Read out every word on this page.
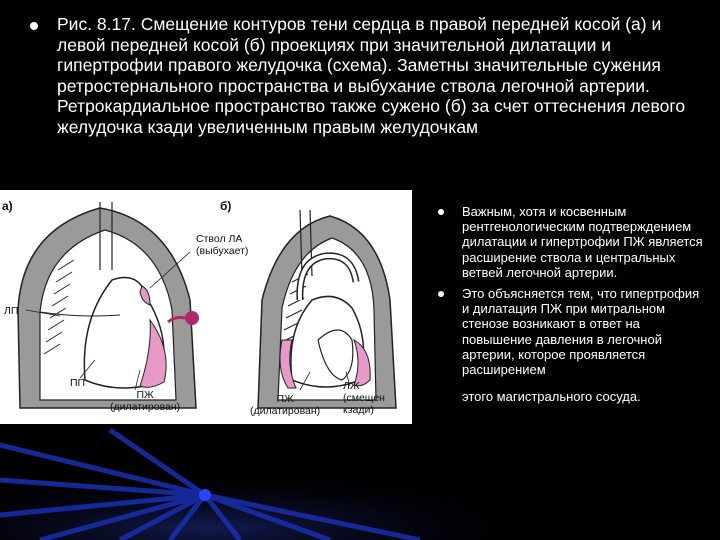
Рис. 8.17. Смещение контуров тени сердца в правой передней косой (а) и левой передней косой (б) проекциях при значительной дилатации и гипертрофии правого желудочка (схема). Заметны значительные сужения ретростернального пространства и выбухание ствола легочной артерии. Ретрокардиальное пространство также сужено (б) за счет оттеснения левого желудочка кзади увеличенным правым желудочкам
а)	б)
Ствол ЛА
(выбухает)
ЛП
ПП
ПЖ
(дилатирован)
ПЖ
(дилатирован)
ЛЖ
(смещен
кзади)
Важным, хотя и косвенным рентгенологическим подтверждением дилатации и гипертрофии ПЖ является расширение ствола и центральных ветвей легочной артерии.
Это объясняется тем, что гипертрофия и дилатация ПЖ при митральном стенозе возникают в ответ на повышение давления в легочной артерии, которое проявляется расширением
этого магистрального сосуда.
